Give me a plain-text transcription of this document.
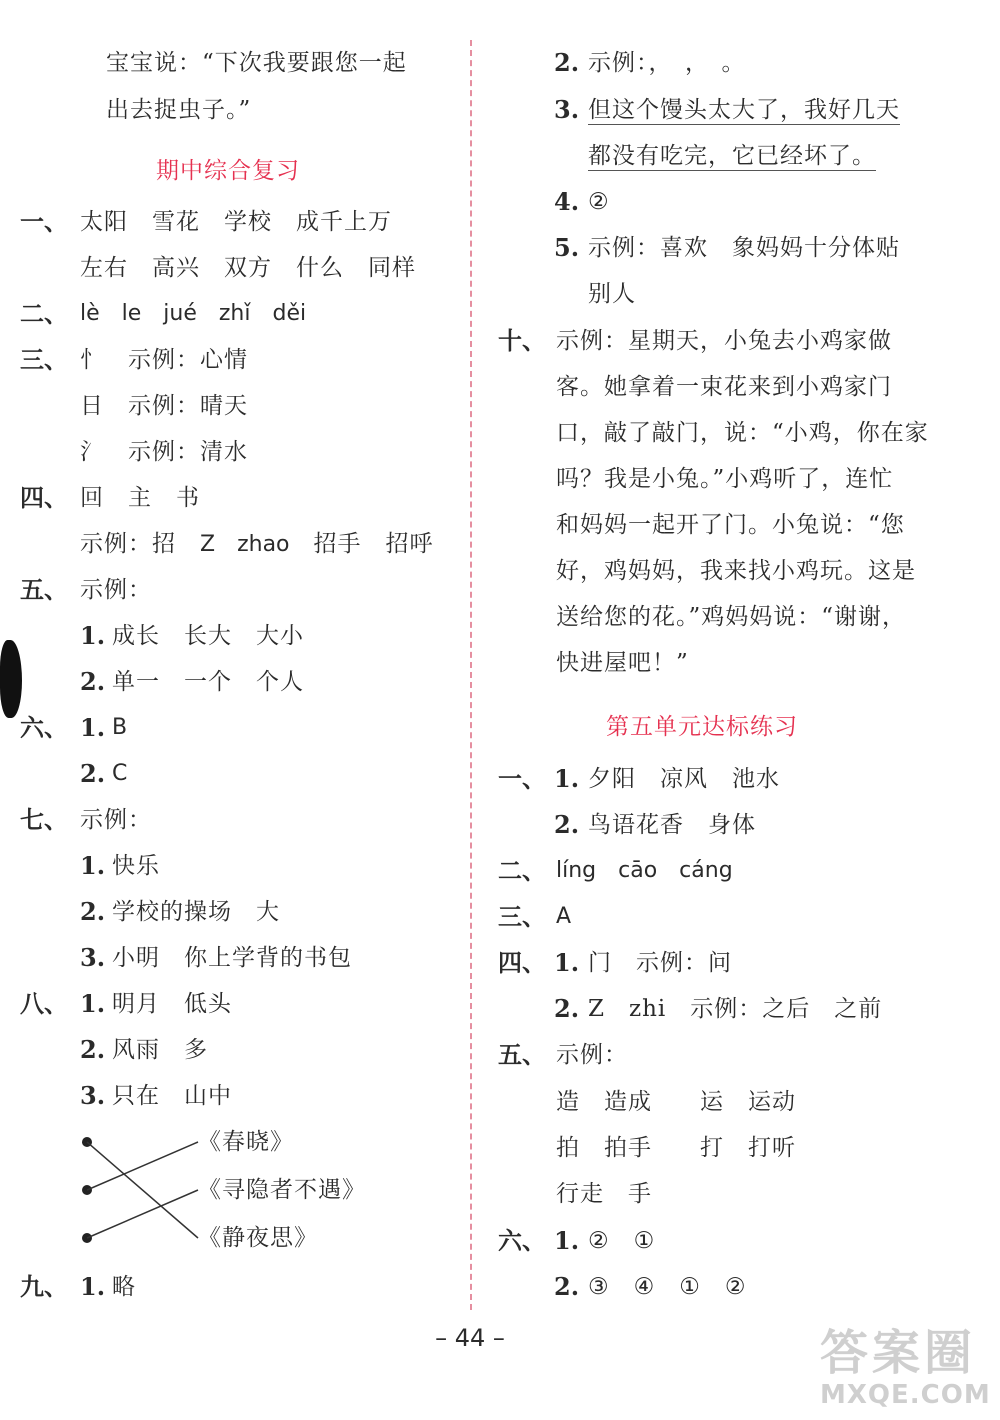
宝宝说：“下次我要跟您一起
出去捉虫子。”
期中综合复习
一、 太阳　雪花　学校　成千上万
左右　高兴　双方　什么　同样
二、 lè　le　jué　zhǐ　děi
三、 忄　示例：心情
日　示例：晴天
氵　示例：清水
四、 回　主　书
示例：招　Z　zhao　招手　招呼
五、 示例：
1. 成长　长大　大小
2. 单一　一个　个人
六、 1. B
2. C
七、 示例：
1. 快乐
2. 学校的操场　大
3. 小明　你上学背的书包
八、 1. 明月　低头
2. 风雨　多
3. 只在　山中
《春晓》
《寻隐者不遇》
《静夜思》
九、 1. 略
2. 示例：，　，　。
3. 但这个馒头太大了，我好几天
都没有吃完，它已经坏了。
4. ②
5. 示例：喜欢　象妈妈十分体贴
别人
十、 示例：星期天，小兔去小鸡家做
客。她拿着一束花来到小鸡家门
口，敲了敲门，说：“小鸡，你在家
吗？我是小兔。”小鸡听了，连忙
和妈妈一起开了门。小兔说：“您
好，鸡妈妈，我来找小鸡玩。这是
送给您的花。”鸡妈妈说：“谢谢，
快进屋吧！”
第五单元达标练习
一、 1. 夕阳　凉风　池水
2. 鸟语花香　身体
二、 líng　cāo　cáng
三、 A
四、 1. 门　示例：问
2. Z　zhi　示例：之后　之前
五、 示例：
造　造成　　运　运动
拍　拍手　　打　打听
行走　手
六、 1. ②　①
2. ③　④　①　②
– 44 –	答案圈
MXQE.COM
